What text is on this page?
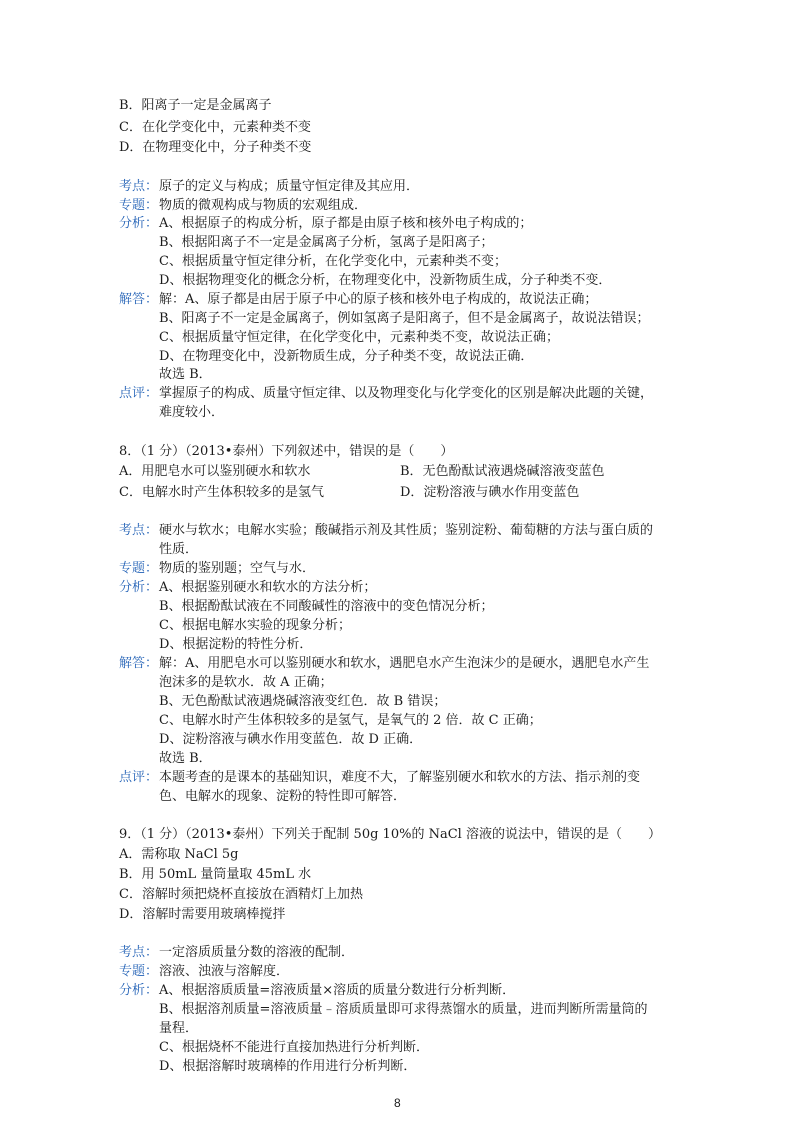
B．阳离子一定是金属离子
C．在化学变化中，元素种类不变
D．在物理变化中，分子种类不变
考点： 原子的定义与构成；质量守恒定律及其应用．
专题： 物质的微观构成与物质的宏观组成．
分析： A、根据原子的构成分析，原子都是由原子核和核外电子构成的；
B、根据阳离子不一定是金属离子分析，氢离子是阳离子；
C、根据质量守恒定律分析，在化学变化中，元素种类不变；
D、根据物理变化的概念分析，在物理变化中，没新物质生成，分子种类不变．
解答： 解：A、原子都是由居于原子中心的原子核和核外电子构成的，故说法正确；
B、阳离子不一定是金属离子，例如氢离子是阳离子，但不是金属离子，故说法错误；
C、根据质量守恒定律，在化学变化中，元素种类不变，故说法正确；
D、在物理变化中，没新物质生成，分子种类不变，故说法正确．
故选 B．
点评： 掌握原子的构成、质量守恒定律、以及物理变化与化学变化的区别是解决此题的关键，
难度较小．
8．（1 分）（2013•泰州）下列叙述中，错误的是（　　）
A．用肥皂水可以鉴别硬水和软水	B．无色酚酞试液遇烧碱溶液变蓝色
C．电解水时产生体积较多的是氢气	D．淀粉溶液与碘水作用变蓝色
考点： 硬水与软水；电解水实验；酸碱指示剂及其性质；鉴别淀粉、葡萄糖的方法与蛋白质的
性质．
专题： 物质的鉴别题；空气与水．
分析： A、根据鉴别硬水和软水的方法分析；
B、根据酚酞试液在不同酸碱性的溶液中的变色情况分析；
C、根据电解水实验的现象分析；
D、根据淀粉的特性分析．
解答： 解：A、用肥皂水可以鉴别硬水和软水，遇肥皂水产生泡沫少的是硬水，遇肥皂水产生
泡沫多的是软水．故 A 正确；
B、无色酚酞试液遇烧碱溶液变红色．故 B 错误；
C、电解水时产生体积较多的是氢气，是氧气的 2 倍．故 C 正确；
D、淀粉溶液与碘水作用变蓝色．故 D 正确．
故选 B．
点评： 本题考查的是课本的基础知识，难度不大，了解鉴别硬水和软水的方法、指示剂的变
色、电解水的现象、淀粉的特性即可解答．
9．（1 分）（2013•泰州）下列关于配制 50g 10%的 NaCl 溶液的说法中，错误的是（　　）
A．需称取 NaCl 5g
B．用 50mL 量筒量取 45mL 水
C．溶解时须把烧杯直接放在酒精灯上加热
D．溶解时需要用玻璃棒搅拌
考点： 一定溶质质量分数的溶液的配制．
专题： 溶液、浊液与溶解度．
分析： A、根据溶质质量=溶液质量×溶质的质量分数进行分析判断．
B、根据溶剂质量=溶液质量﹣溶质质量即可求得蒸馏水的质量，进而判断所需量筒的
量程．
C、根据烧杯不能进行直接加热进行分析判断．
D、根据溶解时玻璃棒的作用进行分析判断．
8
